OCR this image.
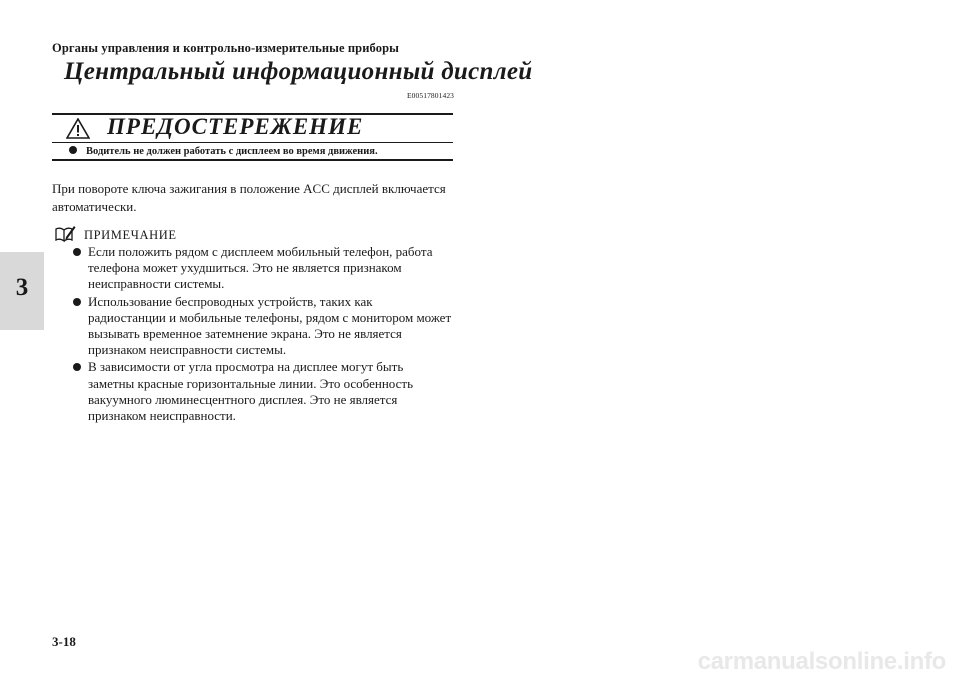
Органы управления и контрольно-измерительные приборы
Центральный информационный дисплей
E00517801423
ПРЕДОСТЕРЕЖЕНИЕ
Водитель не должен работать с дисплеем во время движения.
При повороте ключа зажигания в положение ACC дисплей включается автоматически.
ПРИМЕЧАНИЕ
Если положить рядом с дисплеем мобильный телефон, работа телефона может ухудшиться. Это не является признаком неисправности системы.
Использование беспроводных устройств, таких как радиостанции и мобильные телефоны, рядом с монитором может вызывать временное затемнение экрана. Это не является признаком неисправности системы.
В зависимости от угла просмотра на дисплее могут быть заметны красные горизонтальные линии. Это особенность вакуумного люминесцентного дисплея. Это не является признаком неисправности.
3
3-18
carmanualsonline.info
